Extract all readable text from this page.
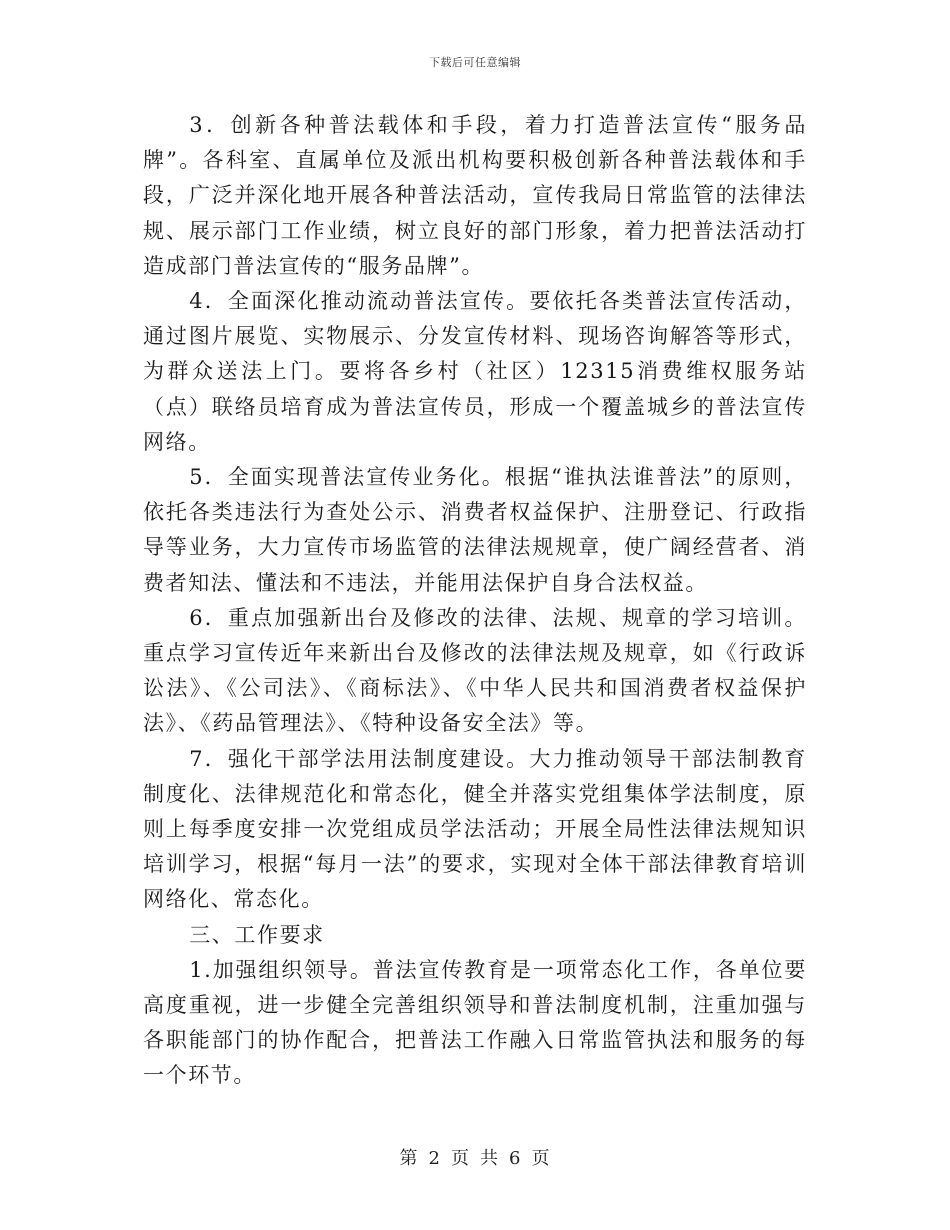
下载后可任意编辑

3．创新各种普法载体和手段，着力打造普法宣传“服务品牌”。各科室、直属单位及派出机构要积极创新各种普法载体和手段，广泛并深化地开展各种普法活动，宣传我局日常监管的法律法规、展示部门工作业绩，树立良好的部门形象，着力把普法活动打造成部门普法宣传的“服务品牌”。

4．全面深化推动流动普法宣传。要依托各类普法宣传活动，通过图片展览、实物展示、分发宣传材料、现场咨询解答等形式，为群众送法上门。要将各乡村（社区）12315消费维权服务站（点）联络员培育成为普法宣传员，形成一个覆盖城乡的普法宣传网络。

5．全面实现普法宣传业务化。根据“谁执法谁普法”的原则，依托各类违法行为查处公示、消费者权益保护、注册登记、行政指导等业务，大力宣传市场监管的法律法规规章，使广阔经营者、消费者知法、懂法和不违法，并能用法保护自身合法权益。

6．重点加强新出台及修改的法律、法规、规章的学习培训。重点学习宣传近年来新出台及修改的法律法规及规章，如《行政诉讼法》、《公司法》、《商标法》、《中华人民共和国消费者权益保护法》、《药品管理法》、《特种设备安全法》等。

7．强化干部学法用法制度建设。大力推动领导干部法制教育制度化、法律规范化和常态化，健全并落实党组集体学法制度，原则上每季度安排一次党组成员学法活动；开展全局性法律法规知识培训学习，根据“每月一法”的要求，实现对全体干部法律教育培训网络化、常态化。

三、工作要求

1.加强组织领导。普法宣传教育是一项常态化工作，各单位要高度重视，进一步健全完善组织领导和普法制度机制，注重加强与各职能部门的协作配合，把普法工作融入日常监管执法和服务的每一个环节。

第 2 页 共 6 页
